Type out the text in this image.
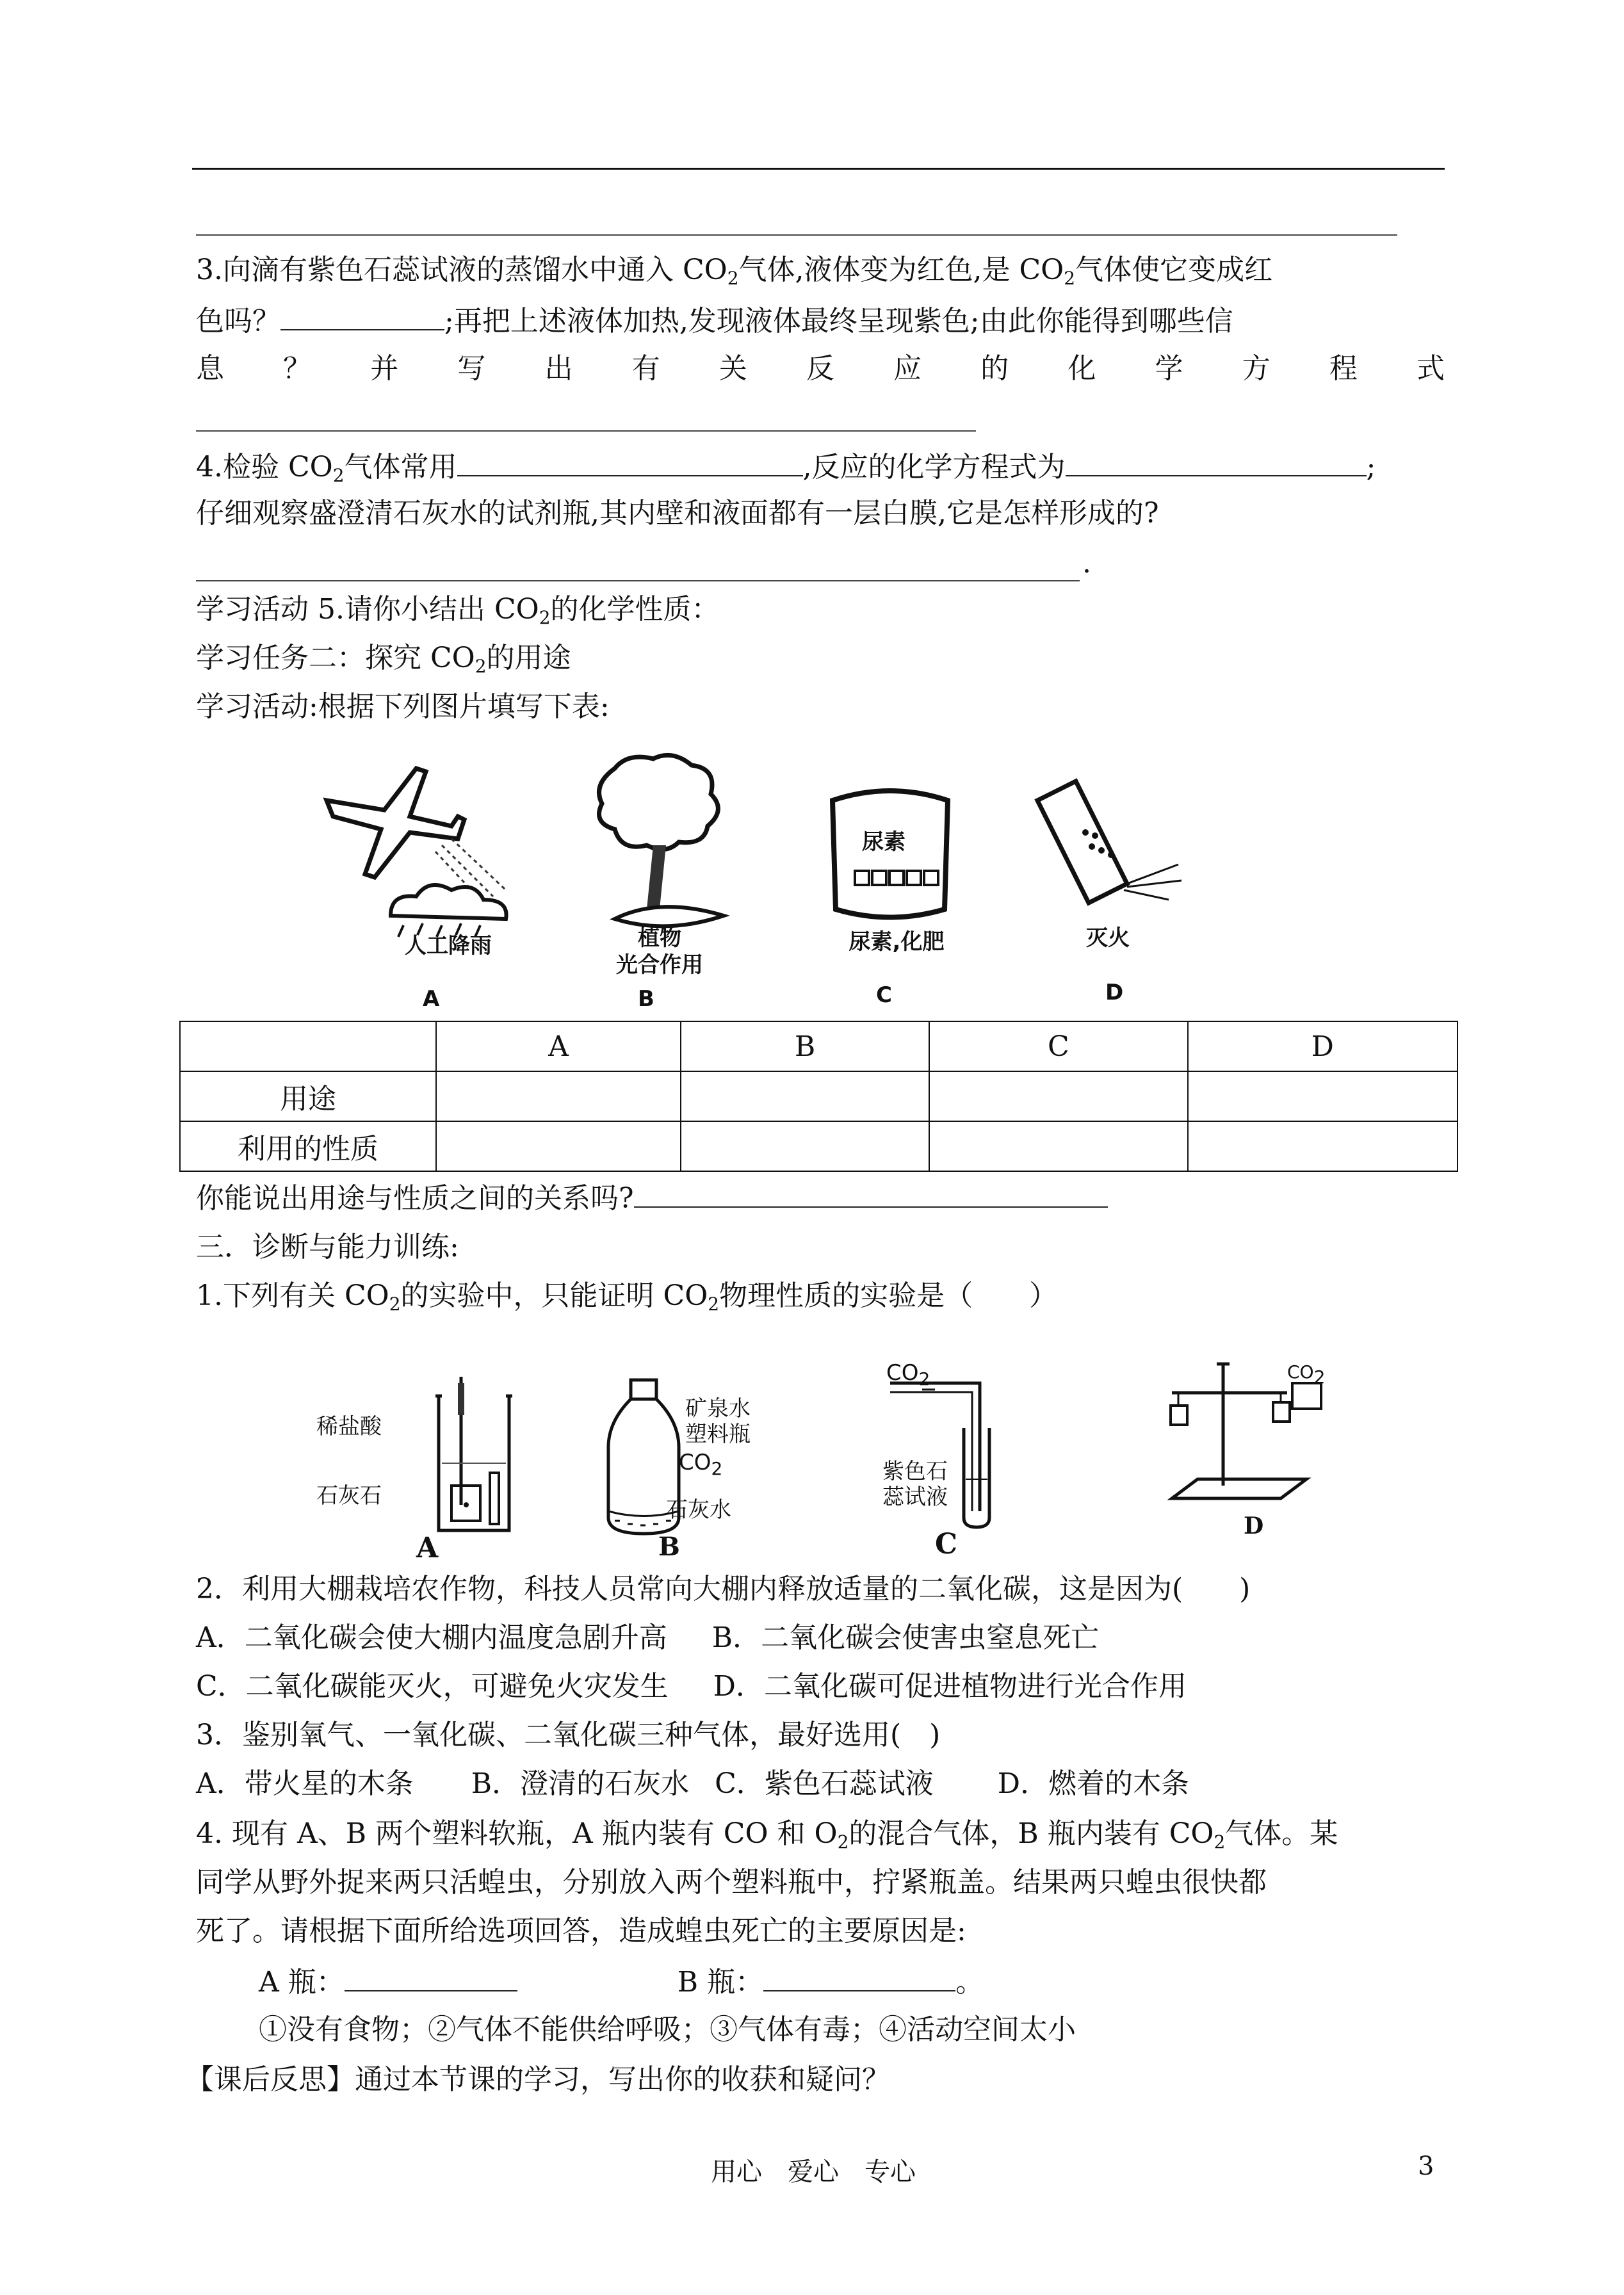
3.向滴有紫色石蕊试液的蒸馏水中通入 $CO_2$气体,液体变为红色,是 $CO_2$气体使它变成红
色吗？	;再把上述液体加热,发现液体最终呈现紫色;由此你能得到哪些信
息 ？ 并 写 出 有 关 反 应 的 化 学 方 程 式
4.检验 $CO_2$气体常用	,反应的化学方程式为	;
仔细观察盛澄清石灰水的试剂瓶,其内壁和液面都有一层白膜,它是怎样形成的?
.
学习活动 5.请你小结出 $CO_2$的化学性质：
学习任务二：探究 $CO_2$的用途
学习活动:根据下列图片填写下表:
人工降雨
A
植物
光合作用
B
尿素
尿素,化肥
C
灭火
D
	A	B	C	D
用途				
利用的性质				
你能说出用途与性质之间的关系吗?
三．诊断与能力训练:
1.下列有关 $CO_2$的实验中，只能证明 $CO_2$物理性质的实验是（　　）
稀盐酸
石灰石
A
矿泉水
塑料瓶
$CO_2$
石灰水
B
$CO_2$
紫色石
蕊试液
C
$CO_2$
D
2．利用大棚栽培农作物，科技人员常向大棚内释放适量的二氧化碳，这是因为(　　)
A．二氧化碳会使大棚内温度急剧升高 B．二氧化碳会使害虫窒息死亡
C．二氧化碳能灭火，可避免火灾发生 D．二氧化碳可促进植物进行光合作用
3．鉴别氧气、一氧化碳、二氧化碳三种气体，最好选用(　)
A．带火星的木条 B．澄清的石灰水 C．紫色石蕊试液 D．燃着的木条
4. 现有 A、B 两个塑料软瓶，A 瓶内装有 CO 和 $O_2$的混合气体，B 瓶内装有 $CO_2$气体。某
同学从野外捉来两只活蝗虫，分别放入两个塑料瓶中，拧紧瓶盖。结果两只蝗虫很快都
死了。请根据下面所给选项回答，造成蝗虫死亡的主要原因是:
A 瓶：	B 瓶：	。
①没有食物；②气体不能供给呼吸；③气体有毒；④活动空间太小
【课后反思】通过本节课的学习，写出你的收获和疑问？
用心　爱心　专心	3
